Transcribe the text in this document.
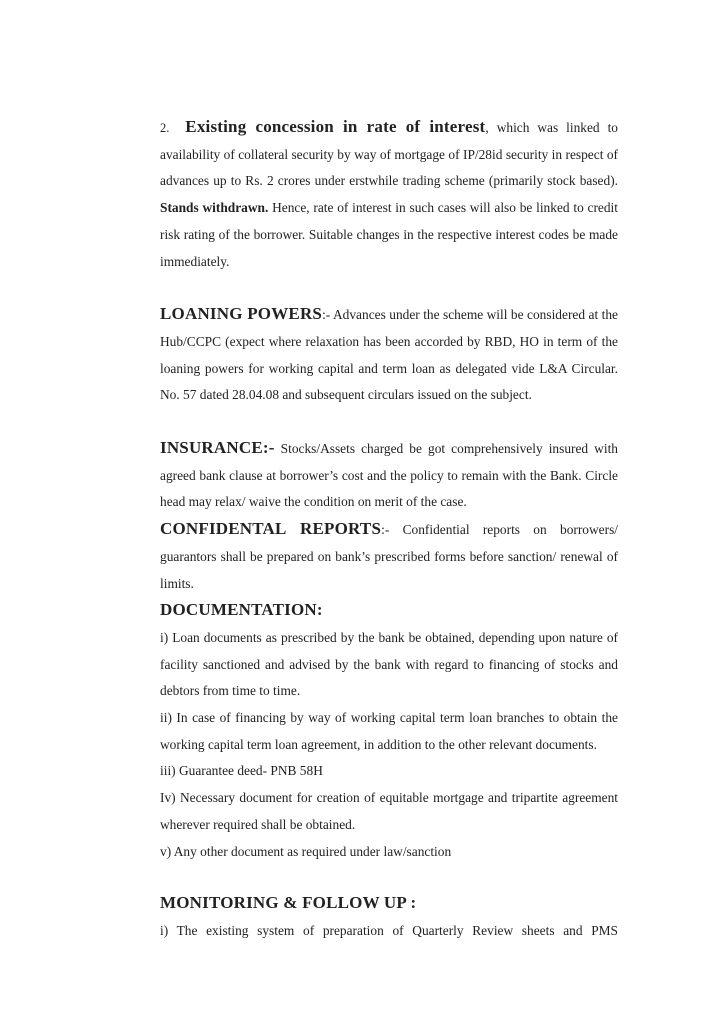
2. Existing concession in rate of interest, which was linked to availability of collateral security by way of mortgage of IP/28id security in respect of advances up to Rs. 2 crores under erstwhile trading scheme (primarily stock based). Stands withdrawn. Hence, rate of interest in such cases will also be linked to credit risk rating of the borrower. Suitable changes in the respective interest codes be made immediately.

LOANING POWERS:- Advances under the scheme will be considered at the Hub/CCPC (expect where relaxation has been accorded by RBD, HO in term of the loaning powers for working capital and term loan as delegated vide L&A Circular. No. 57 dated 28.04.08 and subsequent circulars issued on the subject.

INSURANCE:- Stocks/Assets charged be got comprehensively insured with agreed bank clause at borrower’s cost and the policy to remain with the Bank. Circle head may relax/ waive the condition on merit of the case.

CONFIDENTAL REPORTS:- Confidential reports on borrowers/ guarantors shall be prepared on bank’s prescribed forms before sanction/ renewal of limits.

DOCUMENTATION:

i) Loan documents as prescribed by the bank be obtained, depending upon nature of facility sanctioned and advised by the bank with regard to financing of stocks and debtors from time to time.

ii) In case of financing by way of working capital term loan branches to obtain the working capital term loan agreement, in addition to the other relevant documents.

iii) Guarantee deed- PNB 58H

Iv) Necessary document for creation of equitable mortgage and tripartite agreement wherever required shall be obtained.

v) Any other document as required under law/sanction

MONITORING & FOLLOW UP :

i) The existing system of preparation of Quarterly Review sheets and PMS
